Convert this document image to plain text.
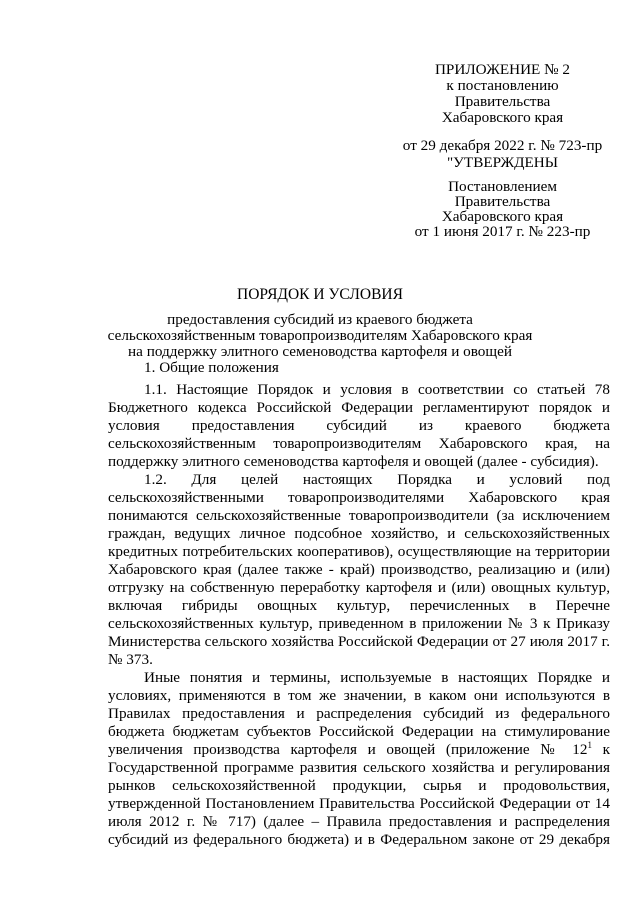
ПРИЛОЖЕНИЕ № 2
к постановлению
Правительства
Хабаровского края
от 29 декабря 2022 г. № 723-пр
"УТВЕРЖДЕНЫ
Постановлением
Правительства
Хабаровского края
от 1 июня 2017 г. № 223-пр
ПОРЯДОК И УСЛОВИЯ
предоставления субсидий из краевого бюджета
сельскохозяйственным товаропроизводителям Хабаровского края
на поддержку элитного семеноводства картофеля и овощей

1. Общие положения

1.1. Настоящие Порядок и условия в соответствии со статьей 78 Бюджетного кодекса Российской Федерации регламентируют порядок и условия предоставления субсидий из краевого бюджета сельскохозяйственным товаропроизводителям Хабаровского края, на поддержку элитного семеноводства картофеля и овощей (далее - субсидия).

1.2. Для целей настоящих Порядка и условий под сельскохозяйственными товаропроизводителями Хабаровского края понимаются сельскохозяйственные товаропроизводители (за исключением граждан, ведущих личное подсобное хозяйство, и сельскохозяйственных кредитных потребительских кооперативов), осуществляющие на территории Хабаровского края (далее также - край) производство, реализацию и (или) отгрузку на собственную переработку картофеля и (или) овощных культур, включая гибриды овощных культур, перечисленных в Перечне сельскохозяйственных культур, приведенном в приложении № 3 к Приказу Министерства сельского хозяйства Российской Федерации от 27 июля 2017 г. № 373.

Иные понятия и термины, используемые в настоящих Порядке и условиях, применяются в том же значении, в каком они используются в Правилах предоставления и распределения субсидий из федерального бюджета бюджетам субъектов Российской Федерации на стимулирование увеличения производства картофеля и овощей (приложение № $12^1$ к Государственной программе развития сельского хозяйства и регулирования рынков сельскохозяйственной продукции, сырья и продовольствия, утвержденной Постановлением Правительства Российской Федерации от 14 июля 2012 г. № 717) (далее – Правила предоставления и распределения субсидий из федерального бюджета) и в Федеральном законе от 29 декабря
